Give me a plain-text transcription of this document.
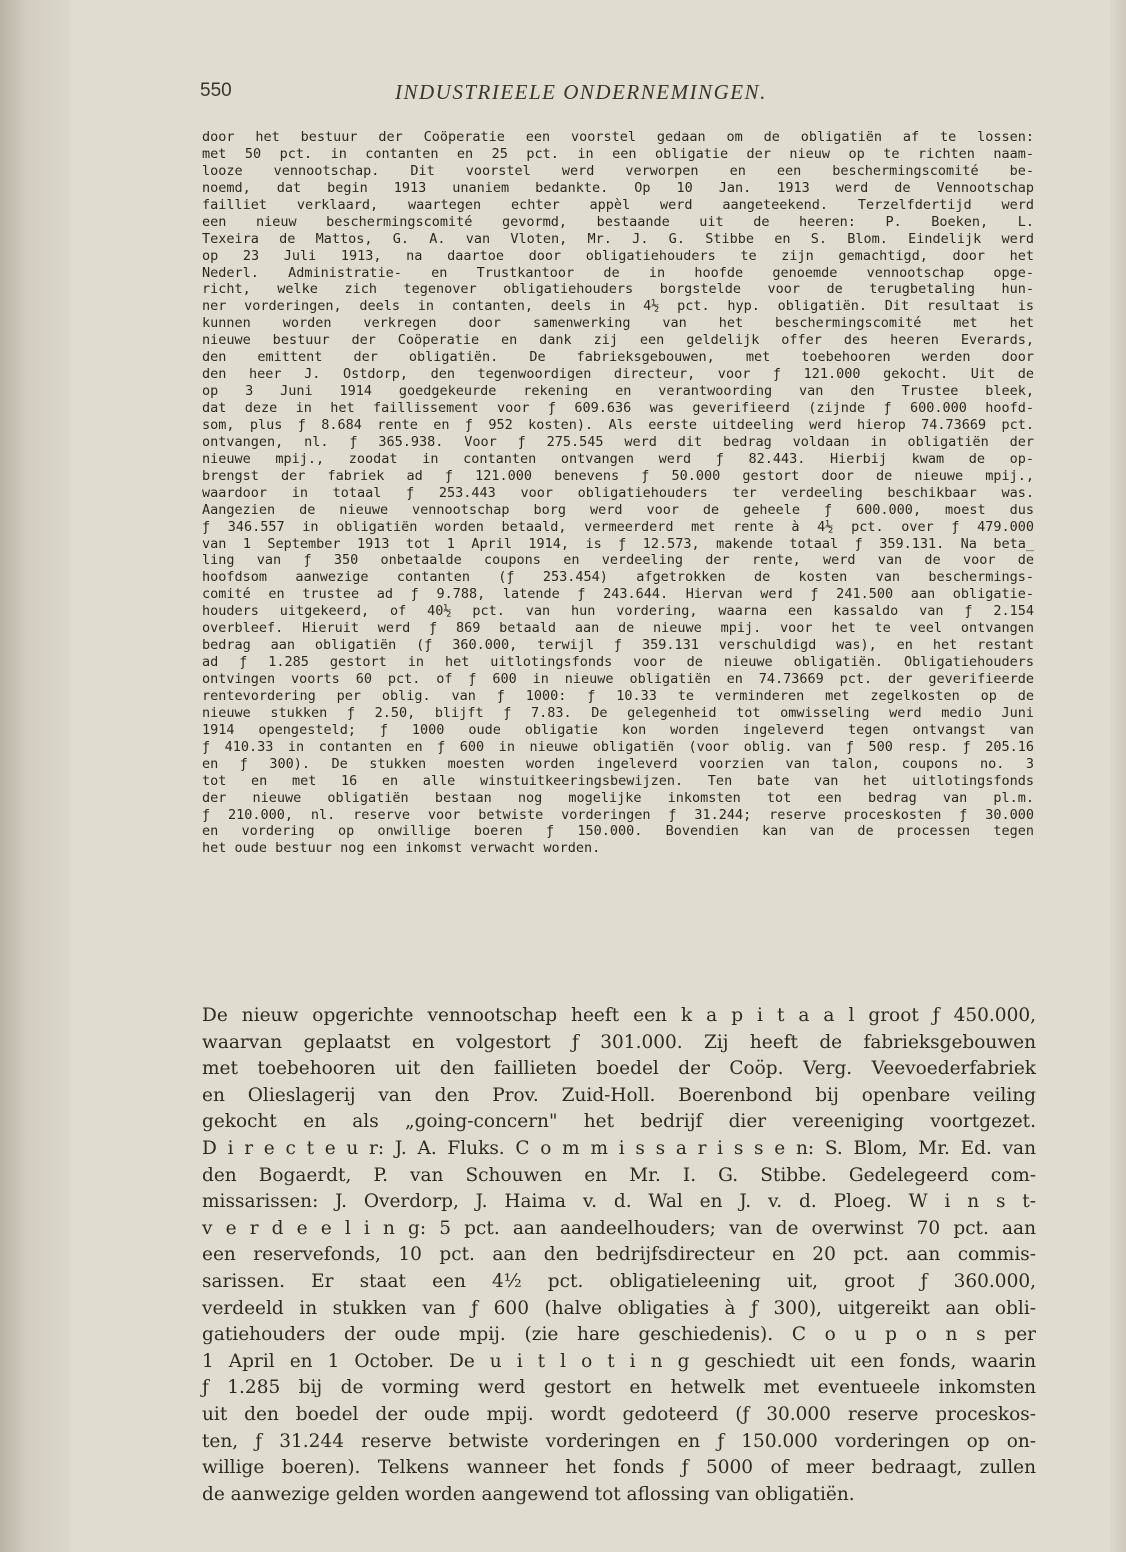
550	INDUSTRIEELE ONDERNEMINGEN.
door het bestuur der Coöperatie een voorstel gedaan om de obligatiën af te lossen:
met 50 pct. in contanten en 25 pct. in een obligatie der nieuw op te richten naam-
looze vennootschap. Dit voorstel werd verworpen en een beschermingscomité be-
noemd, dat begin 1913 unaniem bedankte. Op 10 Jan. 1913 werd de Vennootschap
failliet verklaard, waartegen echter appèl werd aangeteekend. Terzelfdertijd werd
een nieuw beschermingscomité gevormd, bestaande uit de heeren: P. Boeken, L.
Texeira de Mattos, G. A. van Vloten, Mr. J. G. Stibbe en S. Blom. Eindelijk werd
op 23 Juli 1913, na daartoe door obligatiehouders te zijn gemachtigd, door het
Nederl. Administratie- en Trustkantoor de in hoofde genoemde vennootschap opge-
richt, welke zich tegenover obligatiehouders borgstelde voor de terugbetaling hun-
ner vorderingen, deels in contanten, deels in 4½ pct. hyp. obligatiën. Dit resultaat is
kunnen worden verkregen door samenwerking van het beschermingscomité met het
nieuwe bestuur der Coöperatie en dank zij een geldelijk offer des heeren Everards,
den emittent der obligatiën. De fabrieksgebouwen, met toebehooren werden door
den heer J. Ostdorp, den tegenwoordigen directeur, voor ƒ 121.000 gekocht. Uit de
op 3 Juni 1914 goedgekeurde rekening en verantwoording van den Trustee bleek,
dat deze in het faillissement voor ƒ 609.636 was geverifieerd (zijnde ƒ 600.000 hoofd-
som, plus ƒ 8.684 rente en ƒ 952 kosten). Als eerste uitdeeling werd hierop 74.73669 pct.
ontvangen, nl. ƒ 365.938. Voor ƒ 275.545 werd dit bedrag voldaan in obligatiën der
nieuwe mpij., zoodat in contanten ontvangen werd ƒ 82.443. Hierbij kwam de op-
brengst der fabriek ad ƒ 121.000 benevens ƒ 50.000 gestort door de nieuwe mpij.,
waardoor in totaal ƒ 253.443 voor obligatiehouders ter verdeeling beschikbaar was.
Aangezien de nieuwe vennootschap borg werd voor de geheele ƒ 600.000, moest dus
ƒ 346.557 in obligatiën worden betaald, vermeerderd met rente à 4½ pct. over ƒ 479.000
van 1 September 1913 tot 1 April 1914, is ƒ 12.573, makende totaal ƒ 359.131. Na beta_
ling van ƒ 350 onbetaalde coupons en verdeeling der rente, werd van de voor de
hoofdsom aanwezige contanten (ƒ 253.454) afgetrokken de kosten van beschermings-
comité en trustee ad ƒ 9.788, latende ƒ 243.644. Hiervan werd ƒ 241.500 aan obligatie-
houders uitgekeerd, of 40½ pct. van hun vordering, waarna een kassaldo van ƒ 2.154
overbleef. Hieruit werd ƒ 869 betaald aan de nieuwe mpij. voor het te veel ontvangen
bedrag aan obligatiën (ƒ 360.000, terwijl ƒ 359.131 verschuldigd was), en het restant
ad ƒ 1.285 gestort in het uitlotingsfonds voor de nieuwe obligatiën. Obligatiehouders
ontvingen voorts 60 pct. of ƒ 600 in nieuwe obligatiën en 74.73669 pct. der geverifieerde
rentevordering per oblig. van ƒ 1000: ƒ 10.33 te verminderen met zegelkosten op de
nieuwe stukken ƒ 2.50, blijft ƒ 7.83. De gelegenheid tot omwisseling werd medio Juni
1914 opengesteld; ƒ 1000 oude obligatie kon worden ingeleverd tegen ontvangst van
ƒ 410.33 in contanten en ƒ 600 in nieuwe obligatiën (voor oblig. van ƒ 500 resp. ƒ 205.16
en ƒ 300). De stukken moesten worden ingeleverd voorzien van talon, coupons no. 3
tot en met 16 en alle winstuitkeeringsbewijzen. Ten bate van het uitlotingsfonds
der nieuwe obligatiën bestaan nog mogelijke inkomsten tot een bedrag van pl.m.
ƒ 210.000, nl. reserve voor betwiste vorderingen ƒ 31.244; reserve proceskosten ƒ 30.000
en vordering op onwillige boeren ƒ 150.000. Bovendien kan van de processen tegen
het oude bestuur nog een inkomst verwacht worden.
De nieuw opgerichte vennootschap heeft een k a p i t a a l groot ƒ 450.000,
waarvan geplaatst en volgestort ƒ 301.000. Zij heeft de fabrieksgebouwen
met toebehooren uit den faillieten boedel der Coöp. Verg. Veevoederfabriek
en Olieslagerij van den Prov. Zuid-Holl. Boerenbond bij openbare veiling
gekocht en als „going-concern" het bedrijf dier vereeniging voortgezet.
D i r e c t e u r: J. A. Fluks. C o m m i s s a r i s s e n: S. Blom, Mr. Ed. van
den Bogaerdt, P. van Schouwen en Mr. I. G. Stibbe. Gedelegeerd com-
missarissen: J. Overdorp, J. Haima v. d. Wal en J. v. d. Ploeg. W i n s t-
v e r d e e l i n g: 5 pct. aan aandeelhouders; van de overwinst 70 pct. aan
een reservefonds, 10 pct. aan den bedrijfsdirecteur en 20 pct. aan commis-
sarissen. Er staat een 4½ pct. obligatieleening uit, groot ƒ 360.000,
verdeeld in stukken van ƒ 600 (halve obligaties à ƒ 300), uitgereikt aan obli-
gatiehouders der oude mpij. (zie hare geschiedenis). C o u p o n s per
1 April en 1 October. De u i t l o t i n g geschiedt uit een fonds, waarin
ƒ 1.285 bij de vorming werd gestort en hetwelk met eventueele inkomsten
uit den boedel der oude mpij. wordt gedoteerd (ƒ 30.000 reserve proceskos-
ten, ƒ 31.244 reserve betwiste vorderingen en ƒ 150.000 vorderingen op on-
willige boeren). Telkens wanneer het fonds ƒ 5000 of meer bedraagt, zullen
de aanwezige gelden worden aangewend tot aflossing van obligatiën.
